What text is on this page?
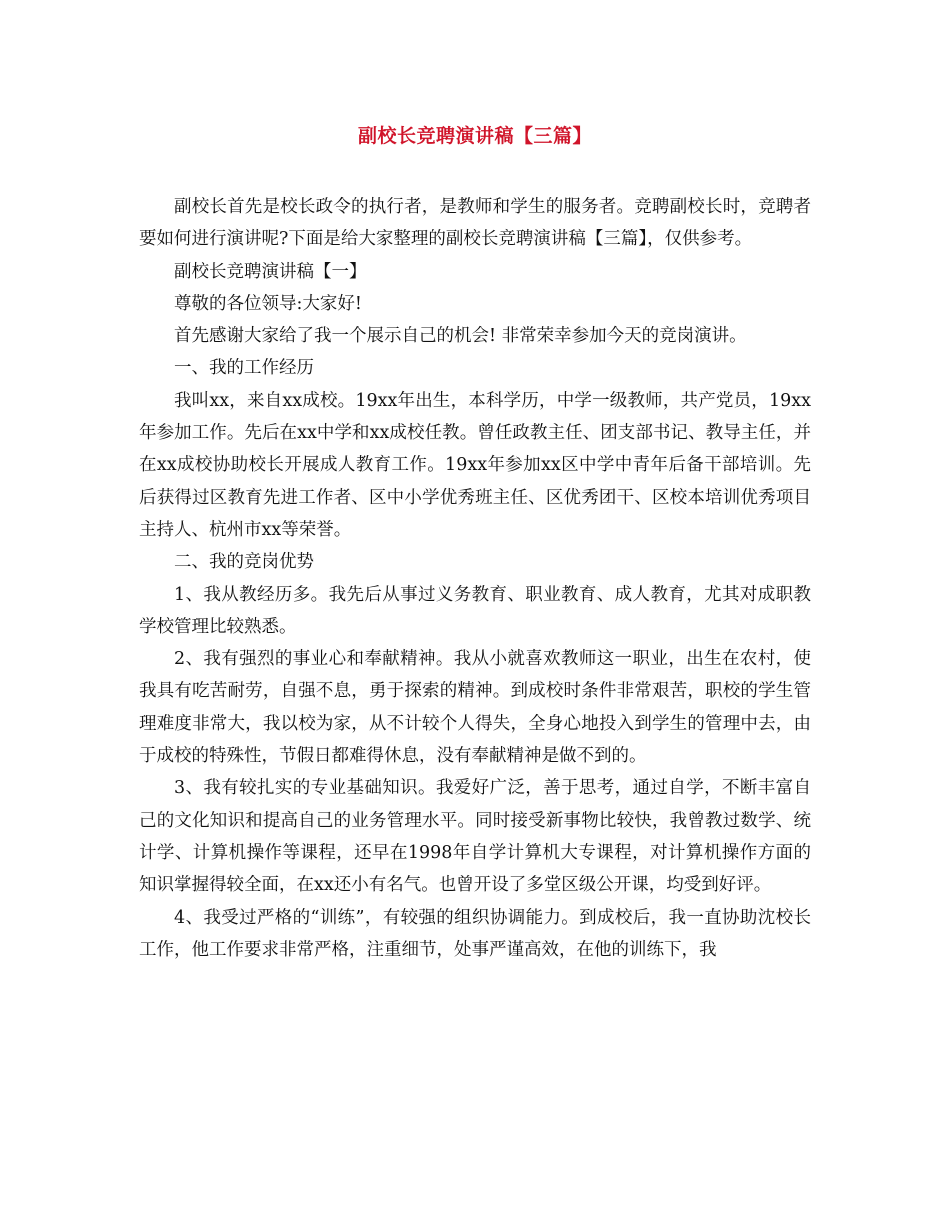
副校长竞聘演讲稿【三篇】

副校长首先是校长政令的执行者，是教师和学生的服务者。竞聘副校长时，竞聘者要如何进行演讲呢?下面是给大家整理的副校长竞聘演讲稿【三篇】，仅供参考。

副校长竞聘演讲稿【一】

尊敬的各位领导:大家好!

首先感谢大家给了我一个展示自己的机会! 非常荣幸参加今天的竞岗演讲。

一、我的工作经历

我叫xx，来自xx成校。19xx年出生，本科学历，中学一级教师，共产党员，19xx年参加工作。先后在xx中学和xx成校任教。曾任政教主任、团支部书记、教导主任，并在xx成校协助校长开展成人教育工作。19xx年参加xx区中学中青年后备干部培训。先后获得过区教育先进工作者、区中小学优秀班主任、区优秀团干、区校本培训优秀项目主持人、杭州市xx等荣誉。

二、我的竞岗优势

1、我从教经历多。我先后从事过义务教育、职业教育、成人教育，尤其对成职教学校管理比较熟悉。

2、我有强烈的事业心和奉献精神。我从小就喜欢教师这一职业，出生在农村，使我具有吃苦耐劳，自强不息，勇于探索的精神。到成校时条件非常艰苦，职校的学生管理难度非常大，我以校为家，从不计较个人得失，全身心地投入到学生的管理中去，由于成校的特殊性，节假日都难得休息，没有奉献精神是做不到的。

3、我有较扎实的专业基础知识。我爱好广泛，善于思考，通过自学，不断丰富自己的文化知识和提高自己的业务管理水平。同时接受新事物比较快，我曾教过数学、统计学、计算机操作等课程，还早在1998年自学计算机大专课程，对计算机操作方面的知识掌握得较全面，在xx还小有名气。也曾开设了多堂区级公开课，均受到好评。

4、我受过严格的“训练”，有较强的组织协调能力。到成校后，我一直协助沈校长工作，他工作要求非常严格，注重细节，处事严谨高效，在他的训练下，我
